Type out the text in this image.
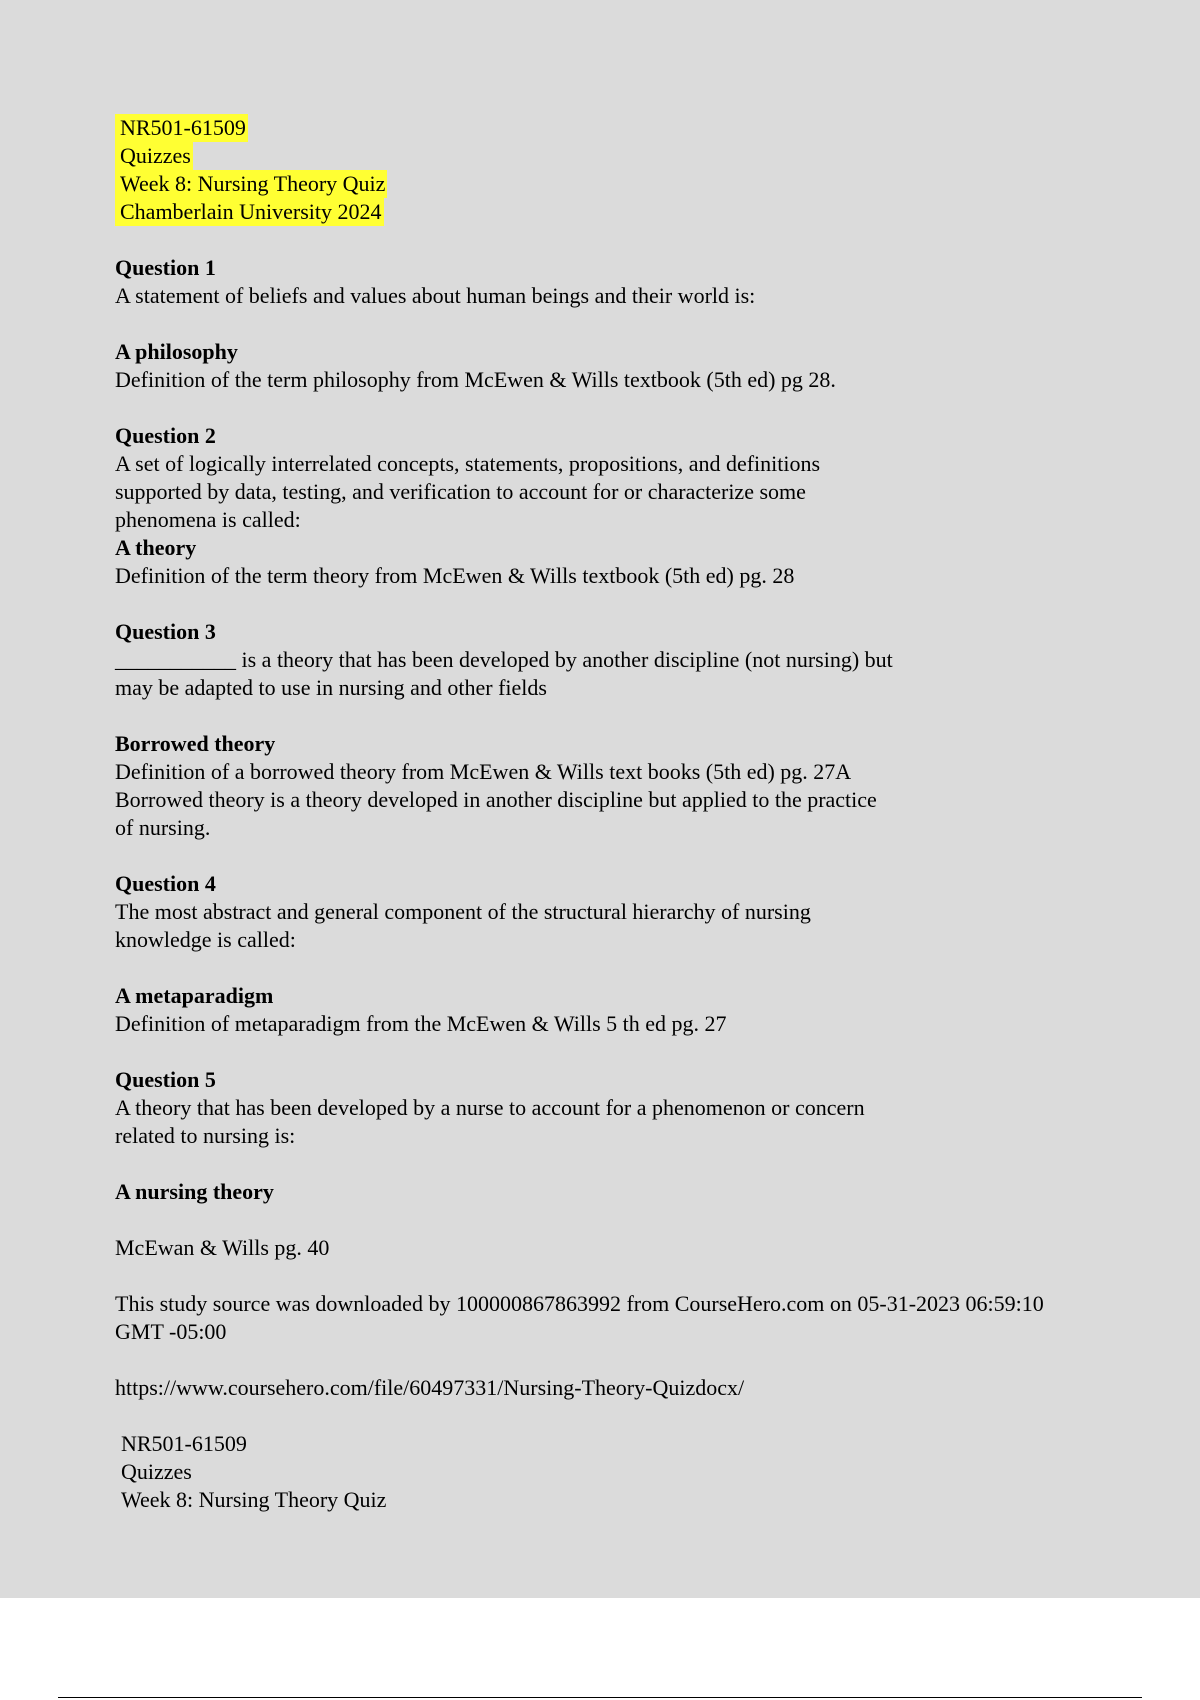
NR501-61509
Quizzes
Week 8: Nursing Theory Quiz
Chamberlain University 2024

Question 1

A statement of beliefs and values about human beings and their world is:

A philosophy

Definition of the term philosophy from McEwen & Wills textbook (5th ed) pg 28.

Question 2

A set of logically interrelated concepts, statements, propositions, and definitions

supported by data, testing, and verification to account for or characterize some

phenomena is called:

A theory

Definition of the term theory from McEwen & Wills textbook (5th ed) pg. 28

Question 3

___________ is a theory that has been developed by another discipline (not nursing) but

may be adapted to use in nursing and other fields

Borrowed theory

Definition of a borrowed theory from McEwen & Wills text books (5th ed) pg. 27A

Borrowed theory is a theory developed in another discipline but applied to the practice

of nursing.

Question 4

The most abstract and general component of the structural hierarchy of nursing

knowledge is called:

A metaparadigm

Definition of metaparadigm from the McEwen & Wills 5 th ed pg. 27

Question 5

A theory that has been developed by a nurse to account for a phenomenon or concern

related to nursing is:

A nursing theory

McEwan & Wills pg. 40

This study source was downloaded by 100000867863992 from CourseHero.com on 05-31-2023 06:59:10

GMT -05:00

https://www.coursehero.com/file/60497331/Nursing-Theory-Quizdocx/

NR501-61509

Quizzes

Week 8: Nursing Theory Quiz
